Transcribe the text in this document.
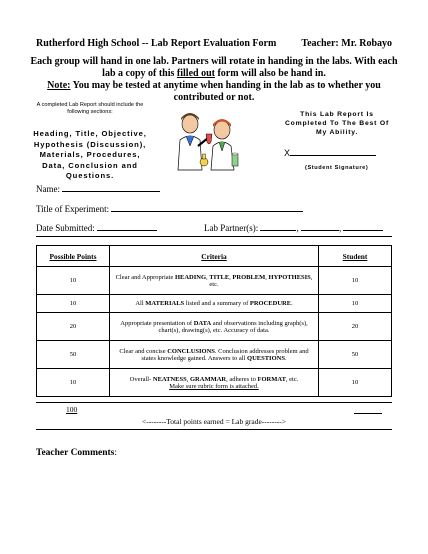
Rutherford High School -- Lab Report Evaluation Form	Teacher: Mr. Robayo
Each group will hand in one lab. Partners will rotate in handing in the labs. With each lab a copy of this filled out form will also be hand in.
Note: You may be tested at anytime when handing in the lab as to whether you contributed or not.
A completed Lab Report should include the following sections:
Heading, Title, Objective, Hypothesis (Discussion), Materials, Procedures, Data, Conclusion and Questions.
This Lab Report Is Completed To The Best Of My Ability.
X
(Student Signature)
Name:
Title of Experiment:
Date Submitted:	Lab Partner(s):	,	,
Possible Points	Criteria	Student
10	Clear and Appropriate HEADING, TITLE, PROBLEM, HYPOTHESIS, etc.	10
10	All MATERIALS listed and a summary of PROCEDURE.	10
20	Appropriate presentation of DATA and observations including graph(s), chart(s), drawing(s), etc. Accuracy of data.	20
50	Clear and concise CONCLUSIONS. Conclusion addresses problem and states knowledge gained. Answers to all QUESTIONS.	50
10	Overall- NEATNESS, GRAMMAR, adheres to FORMAT, etc.
Make sure rubric form is attached.	10
100
<--------Total points earned = Lab grade-------->
Teacher Comments:
